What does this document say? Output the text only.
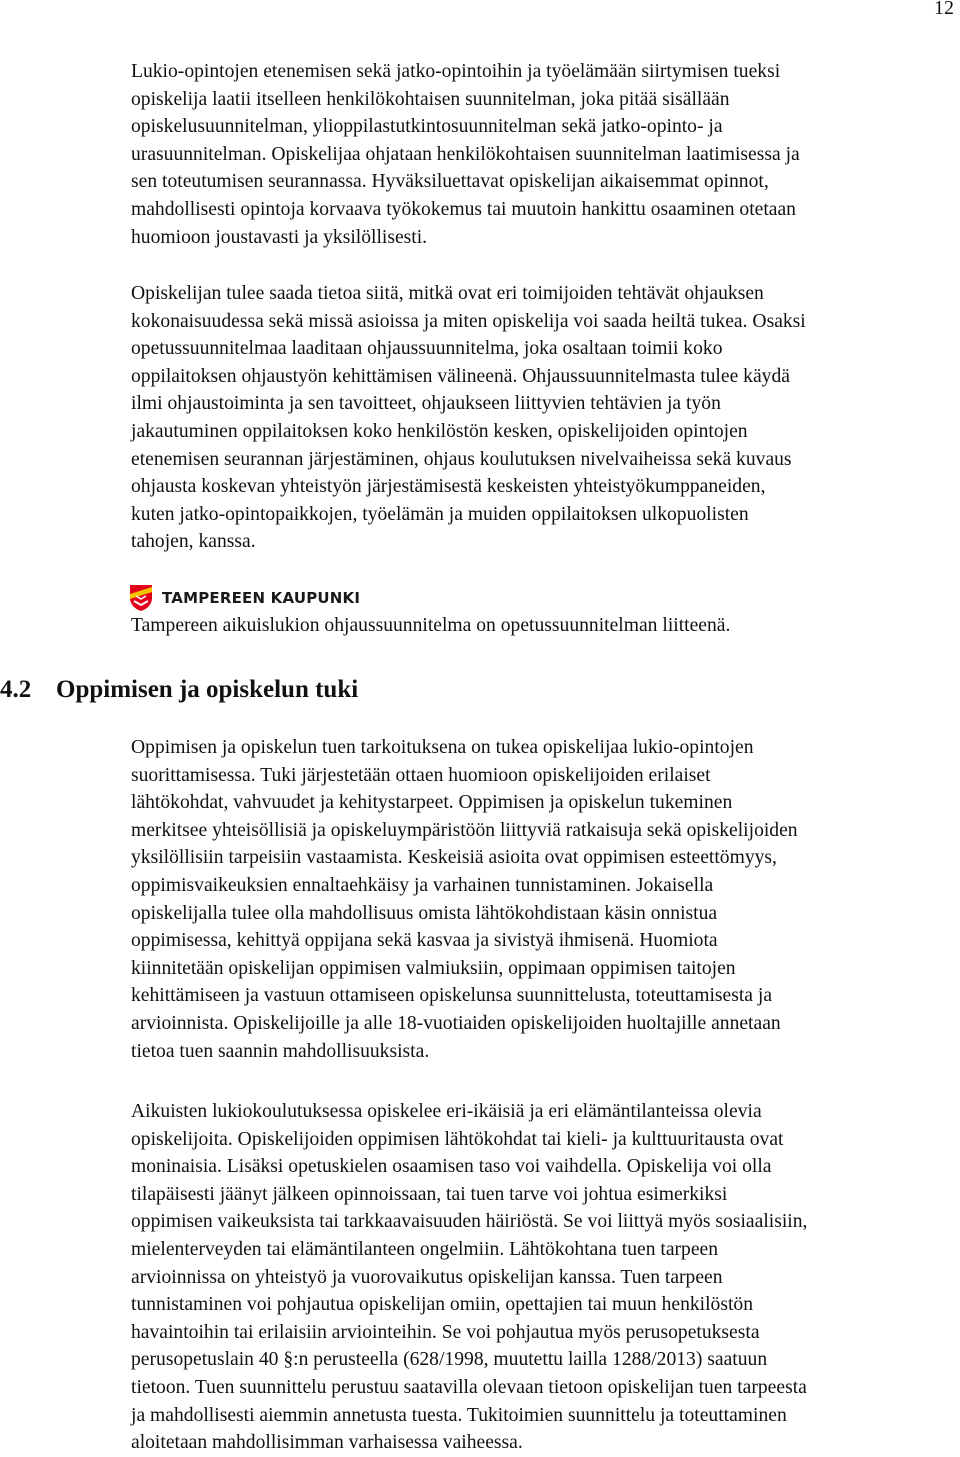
12

Lukio-opintojen etenemisen sekä jatko-opintoihin ja työelämään siirtymisen tueksi
opiskelija laatii itselleen henkilökohtaisen suunnitelman, joka pitää sisällään
opiskelusuunnitelman, ylioppilastutkintosuunnitelman sekä jatko-opinto- ja
urasuunnitelman. Opiskelijaa ohjataan henkilökohtaisen suunnitelman laatimisessa ja
sen toteutumisen seurannassa. Hyväksiluettavat opiskelijan aikaisemmat opinnot,
mahdollisesti opintoja korvaava työkokemus tai muutoin hankittu osaaminen otetaan
huomioon joustavasti ja yksilöllisesti.

Opiskelijan tulee saada tietoa siitä, mitkä ovat eri toimijoiden tehtävät ohjauksen
kokonaisuudessa sekä missä asioissa ja miten opiskelija voi saada heiltä tukea. Osaksi
opetussuunnitelmaa laaditaan ohjaussuunnitelma, joka osaltaan toimii koko
oppilaitoksen ohjaustyön kehittämisen välineenä. Ohjaussuunnitelmasta tulee käydä
ilmi ohjaustoiminta ja sen tavoitteet, ohjaukseen liittyvien tehtävien ja työn
jakautuminen oppilaitoksen koko henkilöstön kesken, opiskelijoiden opintojen
etenemisen seurannan järjestäminen, ohjaus koulutuksen nivelvaiheissa sekä kuvaus
ohjausta koskevan yhteistyön järjestämisestä keskeisten yhteistyökumppaneiden,
kuten jatko-opintopaikkojen, työelämän ja muiden oppilaitoksen ulkopuolisten
tahojen, kanssa.

TAMPEREEN KAUPUNKI

Tampereen aikuislukion ohjaussuunnitelma on opetussuunnitelman liitteenä.

4.2 Oppimisen ja opiskelun tuki

Oppimisen ja opiskelun tuen tarkoituksena on tukea opiskelijaa lukio-opintojen
suorittamisessa. Tuki järjestetään ottaen huomioon opiskelijoiden erilaiset
lähtökohdat, vahvuudet ja kehitystarpeet. Oppimisen ja opiskelun tukeminen
merkitsee yhteisöllisiä ja opiskeluympäristöön liittyviä ratkaisuja sekä opiskelijoiden
yksilöllisiin tarpeisiin vastaamista. Keskeisiä asioita ovat oppimisen esteettömyys,
oppimisvaikeuksien ennaltaehkäisy ja varhainen tunnistaminen. Jokaisella
opiskelijalla tulee olla mahdollisuus omista lähtökohdistaan käsin onnistua
oppimisessa, kehittyä oppijana sekä kasvaa ja sivistyä ihmisenä. Huomiota
kiinnitetään opiskelijan oppimisen valmiuksiin, oppimaan oppimisen taitojen
kehittämiseen ja vastuun ottamiseen opiskelunsa suunnittelusta, toteuttamisesta ja
arvioinnista. Opiskelijoille ja alle 18-vuotiaiden opiskelijoiden huoltajille annetaan
tietoa tuen saannin mahdollisuuksista.

Aikuisten lukiokoulutuksessa opiskelee eri-ikäisiä ja eri elämäntilanteissa olevia
opiskelijoita. Opiskelijoiden oppimisen lähtökohdat tai kieli- ja kulttuuritausta ovat
moninaisia. Lisäksi opetuskielen osaamisen taso voi vaihdella. Opiskelija voi olla
tilapäisesti jäänyt jälkeen opinnoissaan, tai tuen tarve voi johtua esimerkiksi
oppimisen vaikeuksista tai tarkkaavaisuuden häiriöstä. Se voi liittyä myös sosiaalisiin,
mielenterveyden tai elämäntilanteen ongelmiin. Lähtökohtana tuen tarpeen
arvioinnissa on yhteistyö ja vuorovaikutus opiskelijan kanssa. Tuen tarpeen
tunnistaminen voi pohjautua opiskelijan omiin, opettajien tai muun henkilöstön
havaintoihin tai erilaisiin arviointeihin. Se voi pohjautua myös perusopetuksesta
perusopetuslain 40 §:n perusteella (628/1998, muutettu lailla 1288/2013) saatuun
tietoon. Tuen suunnittelu perustuu saatavilla olevaan tietoon opiskelijan tuen tarpeesta
ja mahdollisesti aiemmin annetusta tuesta. Tukitoimien suunnittelu ja toteuttaminen
aloitetaan mahdollisimman varhaisessa vaiheessa.
